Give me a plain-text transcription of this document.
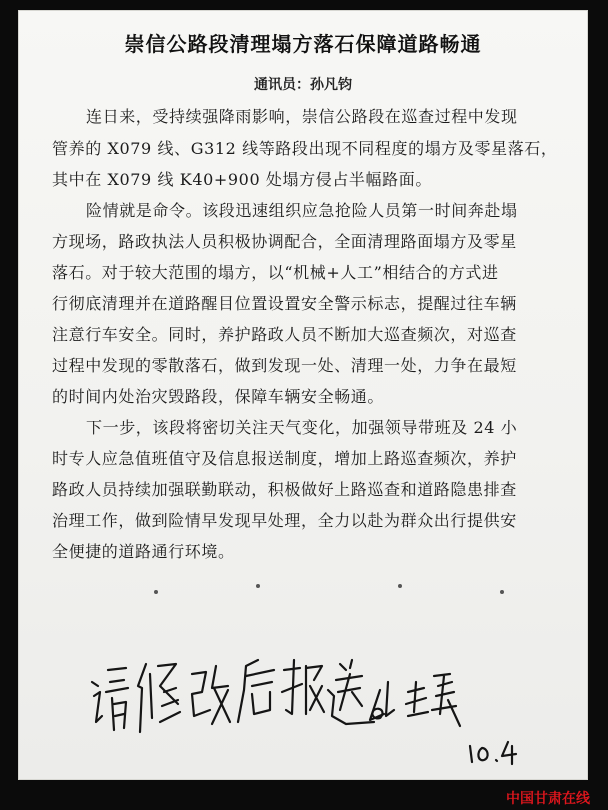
崇信公路段清理塌方落石保障道路畅通
通讯员：孙凡钧
连日来，受持续强降雨影响，崇信公路段在巡查过程中发现
管养的 X079 线、G312 线等路段出现不同程度的塌方及零星落石，
其中在 X079 线 K40+900 处塌方侵占半幅路面。
险情就是命令。该段迅速组织应急抢险人员第一时间奔赴塌
方现场，路政执法人员积极协调配合，全面清理路面塌方及零星
落石。对于较大范围的塌方，以“机械+人工”相结合的方式进
行彻底清理并在道路醒目位置设置安全警示标志，提醒过往车辆
注意行车安全。同时，养护路政人员不断加大巡查频次，对巡查
过程中发现的零散落石，做到发现一处、清理一处，力争在最短
的时间内处治灾毁路段，保障车辆安全畅通。
下一步，该段将密切关注天气变化，加强领导带班及 24 小
时专人应急值班值守及信息报送制度，增加上路巡查频次，养护
路政人员持续加强联勤联动，积极做好上路巡查和道路隐患排查
治理工作，做到险情早发现早处理，全力以赴为群众出行提供安
全便捷的道路通行环境。
中国甘肃在线
